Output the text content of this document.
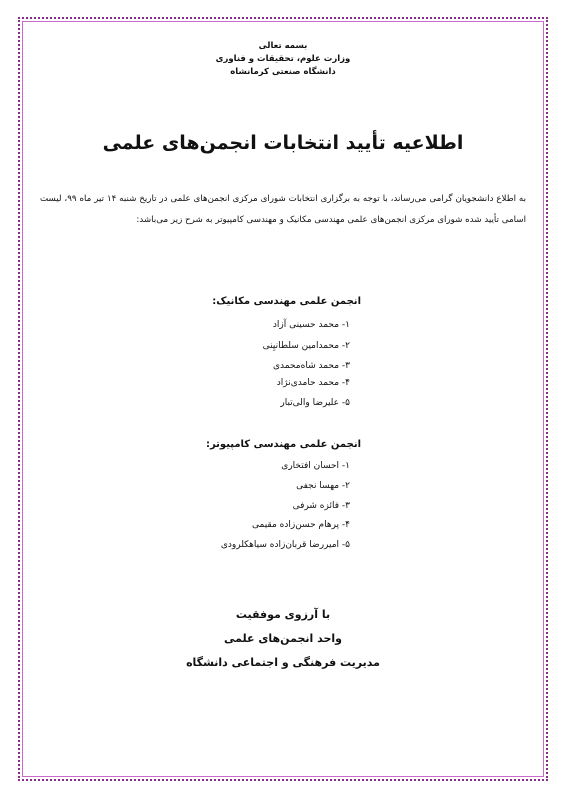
بسمه تعالی
وزارت علوم، تحقیقات و فناوری
دانشگاه صنعتی کرمانشاه
اطلاعیه تأیید انتخابات انجمن‌های علمی
به اطلاع دانشجویان گرامی می‌رساند، با توجه به برگزاری انتخابات شورای مرکزی انجمن‌های علمی در تاریخ شنبه ۱۴ تیر ماه ۹۹، لیست اسامی تأیید شده شورای مرکزی انجمن‌های علمی مهندسی مکانیک و مهندسی کامپیوتر به شرح زیر می‌باشد:
انجمن علمی مهندسی مکانیک:
۱- محمد حسینی آزاد
۲- محمدامین سلطانیِنی
۳- محمد شاه‌محمدی
۴- محمد حامدی‌نژاد
۵- علیرضا والی‌تبار
انجمن علمی مهندسی کامپیوتر:
۱- احسان افتخاری
۲- مهسا نجفی
۳- فائزه شرفی
۴- پرهام حسن‌زاده مقیمی
۵- امیررضا قربان‌زاده سیاهکلرودی
با آرزوی موفقیت
واحد انجمن‌های علمی
مدیریت فرهنگی و اجتماعی دانشگاه
